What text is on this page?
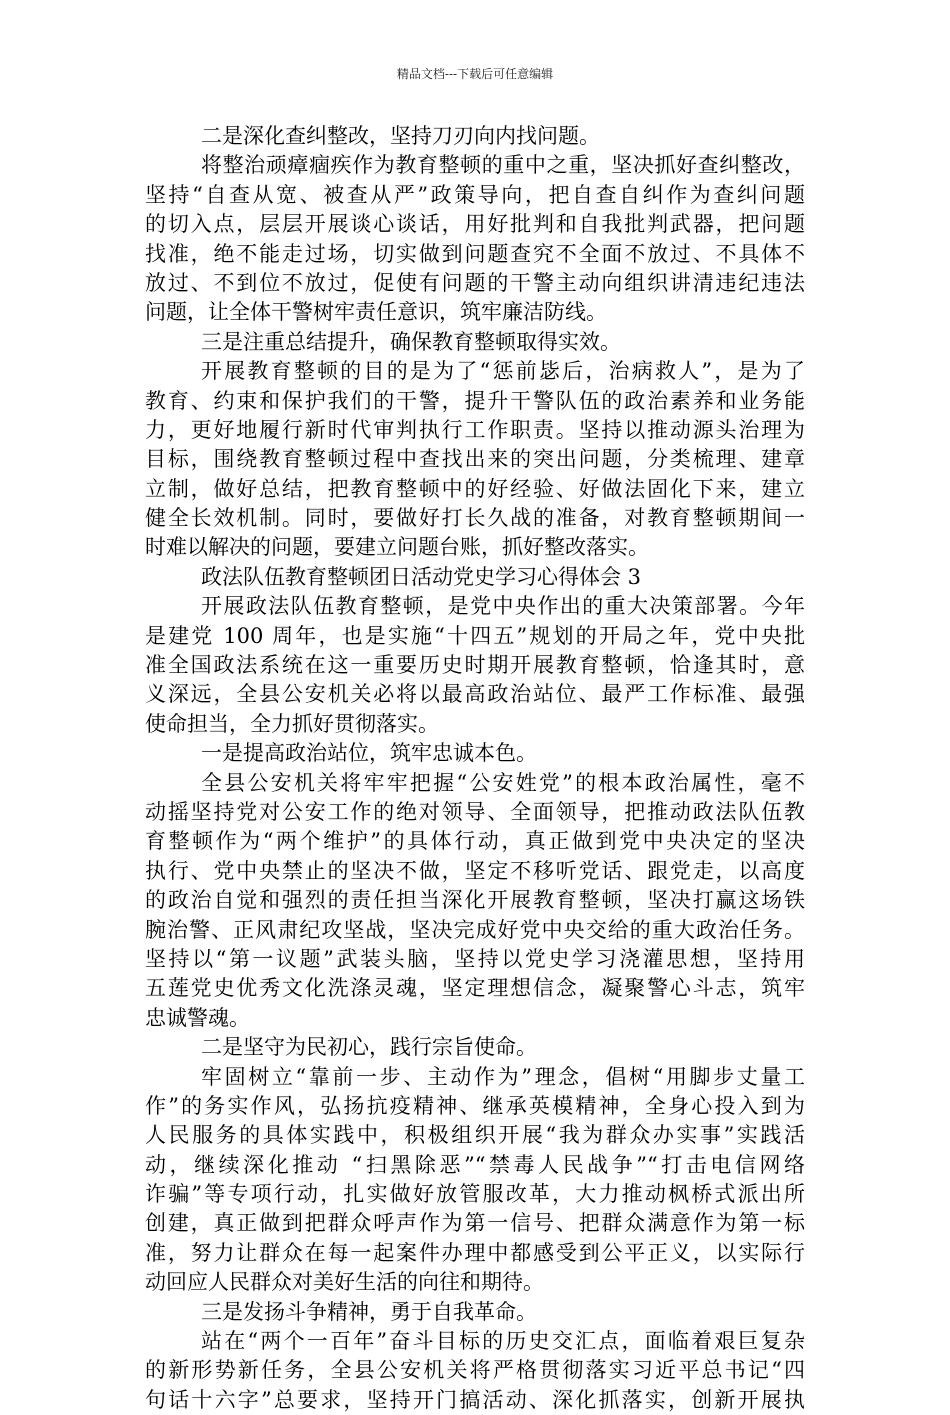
精品文档---下载后可任意编辑
二是深化查纠整改，坚持刀刃向内找问题。
将整治顽瘴痼疾作为教育整顿的重中之重，坚决抓好查纠整改，
坚持“自查从宽、被查从严”政策导向，把自查自纠作为查纠问题
的切入点，层层开展谈心谈话，用好批判和自我批判武器，把问题
找准，绝不能走过场，切实做到问题查究不全面不放过、不具体不
放过、不到位不放过，促使有问题的干警主动向组织讲清违纪违法
问题，让全体干警树牢责任意识，筑牢廉洁防线。
三是注重总结提升，确保教育整顿取得实效。
开展教育整顿的目的是为了“惩前毖后，治病救人”，是为了
教育、约束和保护我们的干警，提升干警队伍的政治素养和业务能
力，更好地履行新时代审判执行工作职责。坚持以推动源头治理为
目标，围绕教育整顿过程中查找出来的突出问题，分类梳理、建章
立制，做好总结，把教育整顿中的好经验、好做法固化下来，建立
健全长效机制。同时，要做好打长久战的准备，对教育整顿期间一
时难以解决的问题，要建立问题台账，抓好整改落实。
政法队伍教育整顿团日活动党史学习心得体会 3
开展政法队伍教育整顿，是党中央作出的重大决策部署。今年
是建党 100 周年，也是实施“十四五”规划的开局之年，党中央批
准全国政法系统在这一重要历史时期开展教育整顿，恰逢其时，意
义深远，全县公安机关必将以最高政治站位、最严工作标准、最强
使命担当，全力抓好贯彻落实。
一是提高政治站位，筑牢忠诚本色。
全县公安机关将牢牢把握“公安姓党”的根本政治属性，毫不
动摇坚持党对公安工作的绝对领导、全面领导，把推动政法队伍教
育整顿作为“两个维护”的具体行动，真正做到党中央决定的坚决
执行、党中央禁止的坚决不做，坚定不移听党话、跟党走，以高度
的政治自觉和强烈的责任担当深化开展教育整顿，坚决打赢这场铁
腕治警、正风肃纪攻坚战，坚决完成好党中央交给的重大政治任务。
坚持以“第一议题”武装头脑，坚持以党史学习浇灌思想，坚持用
五莲党史优秀文化洗涤灵魂，坚定理想信念，凝聚警心斗志，筑牢
忠诚警魂。
二是坚守为民初心，践行宗旨使命。
牢固树立“靠前一步、主动作为”理念，倡树“用脚步丈量工
作”的务实作风，弘扬抗疫精神、继承英模精神，全身心投入到为
人民服务的具体实践中，积极组织开展“我为群众办实事”实践活
动，继续深化推动 “扫黑除恶”“禁毒人民战争”“打击电信网络
诈骗”等专项行动，扎实做好放管服改革，大力推动枫桥式派出所
创建，真正做到把群众呼声作为第一信号、把群众满意作为第一标
准，努力让群众在每一起案件办理中都感受到公平正义，以实际行
动回应人民群众对美好生活的向往和期待。
三是发扬斗争精神，勇于自我革命。
站在“两个一百年”奋斗目标的历史交汇点，面临着艰巨复杂
的新形势新任务，全县公安机关将严格贯彻落实习近平总书记“四
句话十六字”总要求，坚持开门搞活动、深化抓落实，创新开展执
